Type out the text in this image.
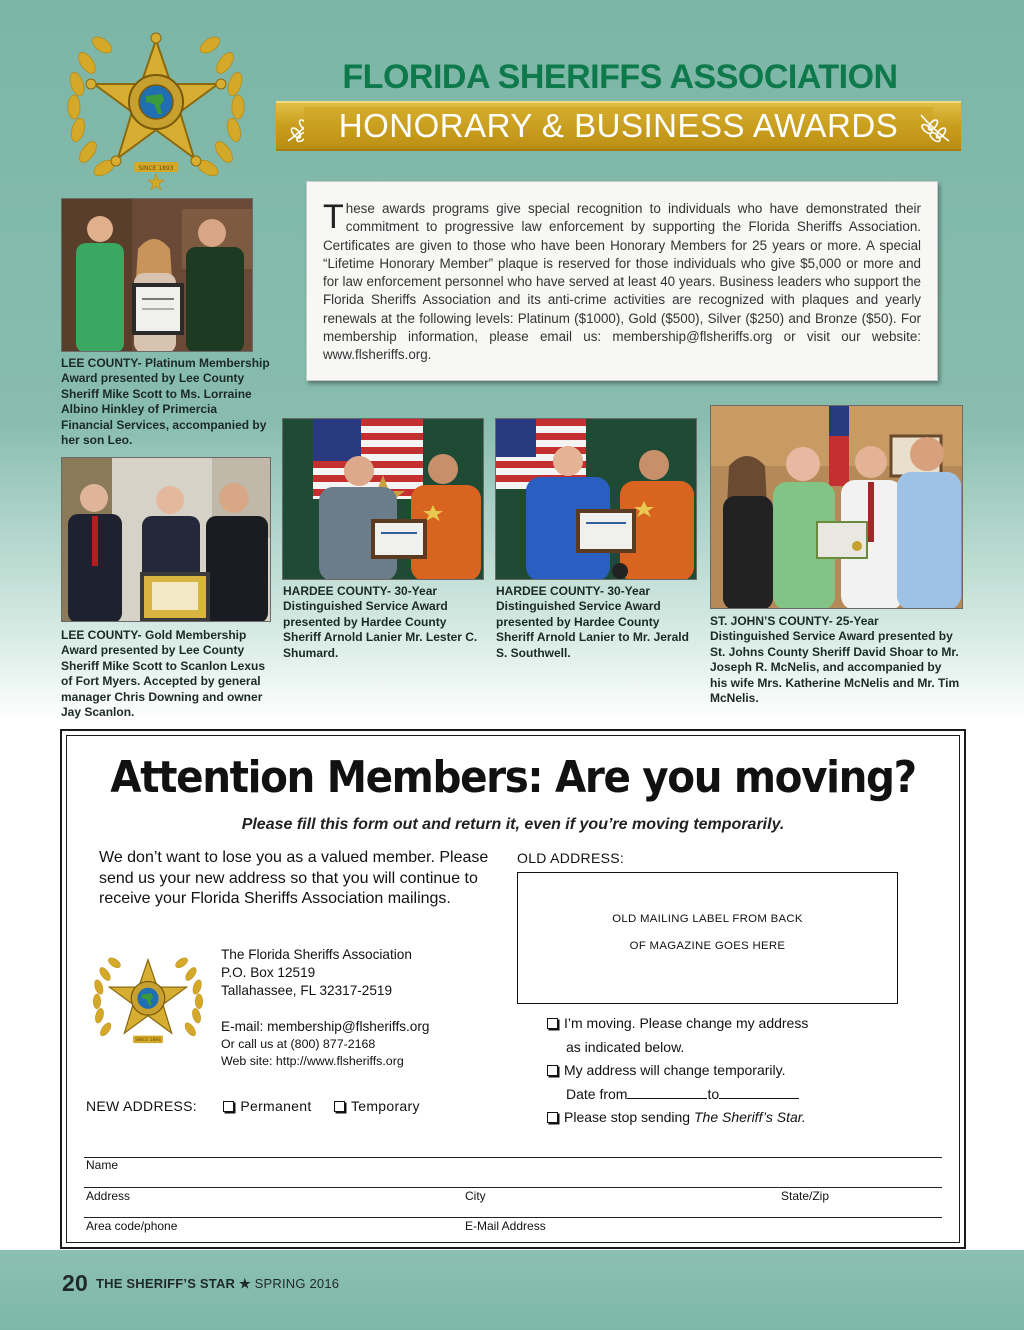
SINCE 1893
FLORIDA SHERIFFS ASSOCIATION
HONORARY & BUSINESS AWARDS
These awards programs give special recognition to individuals who have demonstrated their commitment to progressive law enforcement by supporting the Florida Sheriffs Association. Certificates are given to those who have been Honorary Members for 25 years or more. A special “Lifetime Honorary Member” plaque is reserved for those individuals who give $5,000 or more and for law enforcement personnel who have served at least 40 years. Business leaders who support the Florida Sheriffs Association and its anti-crime activities are recognized with plaques and yearly renewals at the following levels: Platinum ($1000), Gold ($500), Silver ($250) and Bronze ($50). For membership information, please email us: membership@flsheriffs.org or visit our website: www.flsheriffs.org.
LEE COUNTY- Platinum Membership Award presented by Lee County Sheriff Mike Scott to Ms. Lorraine Albino Hinkley of Primercia Financial Services, accompanied by her son Leo.
LEE COUNTY- Gold Membership Award presented by Lee County Sheriff Mike Scott to Scanlon Lexus of Fort Myers. Accepted by general manager Chris Downing and owner Jay Scanlon.
HARDEE COUNTY- 30-Year Distinguished Service Award presented by Hardee County Sheriff Arnold Lanier Mr. Lester C. Shumard.
HARDEE COUNTY- 30-Year Distinguished Service Award presented by Hardee County Sheriff Arnold Lanier to Mr. Jerald S. Southwell.
ST. JOHN’S COUNTY- 25-Year Distinguished Service Award presented by St. Johns County Sheriff David Shoar to Mr. Joseph R. McNelis, and accompanied by his wife Mrs. Katherine McNelis and Mr. Tim McNelis.
Attention Members: Are you moving?
Please fill this form out and return it, even if you’re moving temporarily.
We don’t want to lose you as a valued member. Please send us your new address so that you will continue to receive your Florida Sheriffs Association mailings.
SINCE 1893
The Florida Sheriffs Association
P.O. Box 12519
Tallahassee, FL 32317-2519
E-mail: membership@flsheriffs.org
Or call us at (800) 877-2168
Web site: http://www.flsheriffs.org
OLD ADDRESS:
OLD MAILING LABEL FROM BACK
OF MAGAZINE GOES HERE
I’m moving. Please change my address
as indicated below.
My address will change temporarily.
Date from	to
Please stop sending The Sheriff’s Star.
NEW ADDRESS:	Permanent	Temporary
Name
Address	City	State/Zip
Area code/phone	E-Mail Address
20 THE SHERIFF’S STAR ★ SPRING 2016
